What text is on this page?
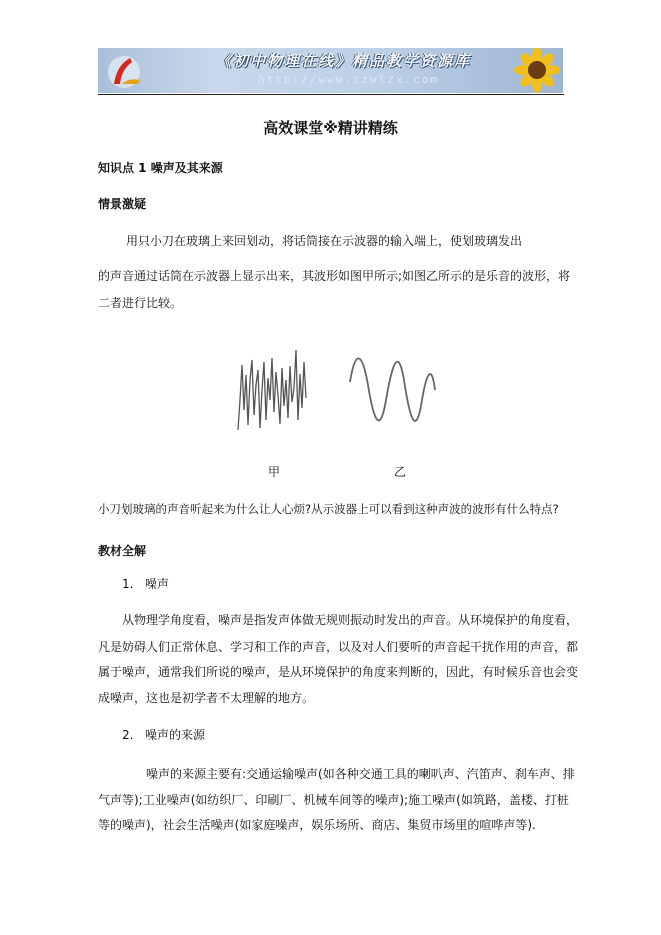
《初中物理在线》精品教学资源库
http://www.czwlzx.com
高效课堂※精讲精练
知识点 1 噪声及其来源
情景激疑
用只小刀在玻璃上来回划动，将话筒接在示波器的输入端上，使划玻璃发出
的声音通过话筒在示波器上显示出来，其波形如图甲所示;如图乙所示的是乐音的波形，将
二者进行比较。
甲	乙
小刀划玻璃的声音听起来为什么让人心烦?从示波器上可以看到这种声波的波形有什么特点?
教材全解
1. 噪声
从物理学角度看，噪声是指发声体做无规则振动时发出的声音。从环境保护的角度看，
凡是妨碍人们正常休息、学习和工作的声音，以及对人们要听的声音起干扰作用的声音，都
属于噪声，通常我们所说的噪声，是从环境保护的角度来判断的，因此，有时候乐音也会变
成噪声，这也是初学者不太理解的地方。
2. 噪声的来源
噪声的来源主要有:交通运输噪声(如各种交通工具的喇叭声、汽笛声、刹车声、排
气声等);工业噪声(如纺织厂、印刷厂、机械车间等的噪声);施工噪声(如筑路，盖楼、打桩
等的噪声)，社会生活噪声(如家庭噪声，娱乐场所、商店、集贸市场里的喧哗声等).
